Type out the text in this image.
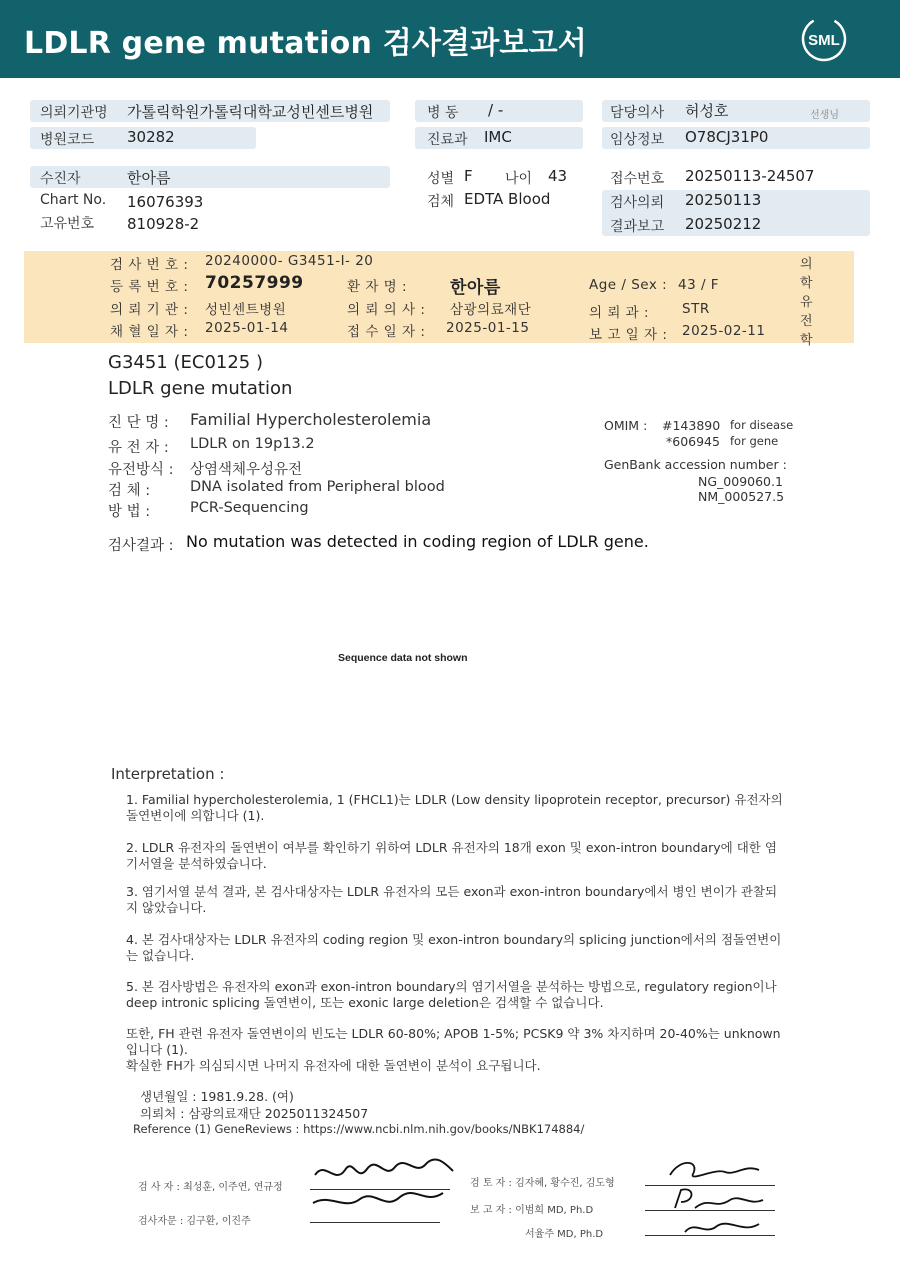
LDLR gene mutation 검사결과보고서	SML
의뢰기관명 가톨릭학원가톨릭대학교성빈센트병원
병원코드 30282
병 동 / -
진료과 IMC
담당의사 허성호	선생님
임상정보 O78CJ31P0
수진자	한아름
Chart No. 16076393
고유번호 810928-2
성별 F 나이 43
검체 EDTA Blood
접수번호 20250113-24507
검사의뢰 20250113
결과보고 20250212
검 사 번 호 : 20240000- G3451-I- 20
등 록 번 호 : 70257999	환 자 명 :	한아름	Age / Sex : 43 / F
의 뢰 기 관 : 성빈센트병원	의 뢰 의 사 : 삼광의료재단	의 뢰 과 : STR
채 혈 일 자 : 2025-01-14	접 수 일 자 : 2025-01-15	보 고 일 자 : 2025-02-11
의
학
유
전
학
G3451 (EC0125 )
LDLR gene mutation
진 단 명 : Familial Hypercholesterolemia
유 전 자 : LDLR on 19p13.2
유전방식 : 상염색체우성유전
검 체 :	DNA isolated from Peripheral blood
방 법 :	PCR-Sequencing
OMIM : #143890 for disease
*606945 for gene
GenBank accession number :
NG_009060.1
NM_000527.5
검사결과 : No mutation was detected in coding region of LDLR gene.
Sequence data not shown
Interpretation :
1. Familial hypercholesterolemia, 1 (FHCL1)는 LDLR (Low density lipoprotein receptor, precursor) 유전자의 돌연변이에 의합니다 (1).
2. LDLR 유전자의 돌연변이 여부를 확인하기 위하여 LDLR 유전자의 18개 exon 및 exon-intron boundary에 대한 염기서열을 분석하였습니다.
3. 염기서열 분석 결과, 본 검사대상자는 LDLR 유전자의 모든 exon과 exon-intron boundary에서 병인 변이가 관찰되지 않았습니다.
4. 본 검사대상자는 LDLR 유전자의 coding region 및 exon-intron boundary의 splicing junction에서의 점돌연변이는 없습니다.
5. 본 검사방법은 유전자의 exon과 exon-intron boundary의 염기서열을 분석하는 방법으로, regulatory region이나 deep intronic splicing 돌연변이, 또는 exonic large deletion은 검색할 수 없습니다.
또한, FH 관련 유전자 돌연변이의 빈도는 LDLR 60-80%; APOB 1-5%; PCSK9 약 3% 차지하며 20-40%는 unknown 입니다 (1).
확실한 FH가 의심되시면 나머지 유전자에 대한 돌연변이 분석이 요구됩니다.
생년월일 : 1981.9.28. (여)
의뢰처 : 삼광의료재단 2025011324507
Reference (1) GeneReviews : https://www.ncbi.nlm.nih.gov/books/NBK174884/
검 사 자 : 최성훈, 이주연, 연규정
검사자문 : 김구환, 이진주
검 토 자 : 김자혜, 황수진, 김도형
보 고 자 : 이범희 MD, Ph.D
서율주 MD, Ph.D
